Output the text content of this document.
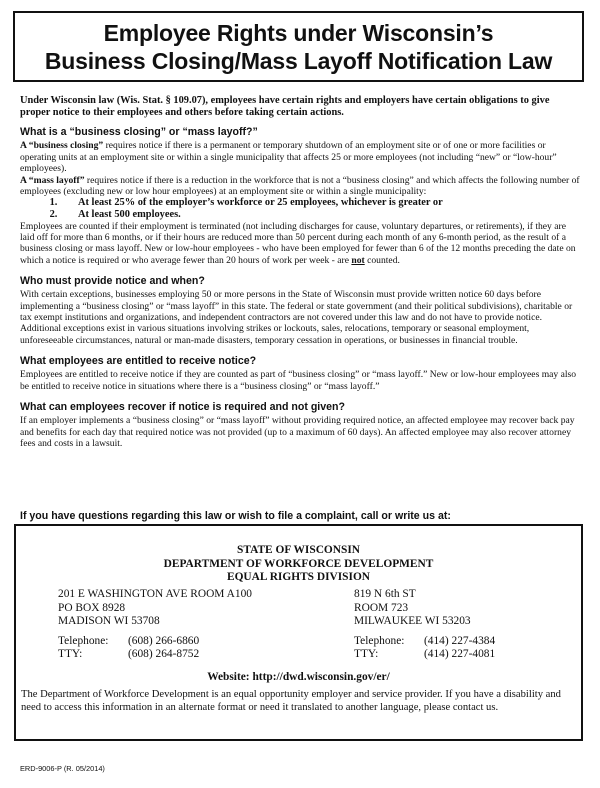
Employee Rights under Wisconsin’s
Business Closing/Mass Layoff Notification Law

Under Wisconsin law (Wis. Stat. § 109.07), employees have certain rights and employers have certain obligations to give proper notice to their employees and others before taking certain actions.

What is a “business closing” or “mass layoff?”

A “business closing” requires notice if there is a permanent or temporary shutdown of an employment site or of one or more facilities or operating units at an employment site or within a single municipality that affects 25 or more employees (not including “new” or “low-hour” employees).

A “mass layoff” requires notice if there is a reduction in the workforce that is not a “business closing” and which affects the following number of employees (excluding new or low hour employees) at an employment site or within a single municipality:

1. At least 25% of the employer’s workforce or 25 employees, whichever is greater or
2. At least 500 employees.

Employees are counted if their employment is terminated (not including discharges for cause, voluntary departures, or retirements), if they are laid off for more than 6 months, or if their hours are reduced more than 50 percent during each month of any 6-month period, as the result of a business closing or mass layoff. New or low-hour employees - who have been employed for fewer than 6 of the 12 months preceding the date on which a notice is required or who average fewer than 20 hours of work per week - are not counted.

Who must provide notice and when?

With certain exceptions, businesses employing 50 or more persons in the State of Wisconsin must provide written notice 60 days before implementing a “business closing” or “mass layoff” in this state. The federal or state government (and their political subdivisions), charitable or tax exempt institutions and organizations, and independent contractors are not covered under this law and do not have to provide notice. Additional exceptions exist in various situations involving strikes or lockouts, sales, relocations, temporary or seasonal employment, unforeseeable circumstances, natural or man-made disasters, temporary cessation in operations, or businesses in financial trouble.

What employees are entitled to receive notice?

Employees are entitled to receive notice if they are counted as part of “business closing” or “mass layoff.” New or low-hour employees may also be entitled to receive notice in situations where there is a “business closing” or “mass layoff.”

What can employees recover if notice is required and not given?

If an employer implements a “business closing” or “mass layoff” without providing required notice, an affected employee may recover back pay and benefits for each day that required notice was not provided (up to a maximum of 60 days). An affected employee may also recover attorney fees and costs in a lawsuit.

If you have questions regarding this law or wish to file a complaint, call or write us at:
STATE OF WISCONSIN
DEPARTMENT OF WORKFORCE DEVELOPMENT
EQUAL RIGHTS DIVISION
201 E WASHINGTON AVE ROOM A100
PO BOX 8928
MADISON WI 53708
Telephone:	(608) 266-6860
TTY:	(608) 264-8752
819 N 6th ST
ROOM 723
MILWAUKEE WI 53203
Telephone:	(414) 227-4384
TTY:	(414) 227-4081
Website: http://dwd.wisconsin.gov/er/
The Department of Workforce Development is an equal opportunity employer and service provider. If you have a disability and need to access this information in an alternate format or need it translated to another language, please contact us.
ERD-9006-P (R. 05/2014)
